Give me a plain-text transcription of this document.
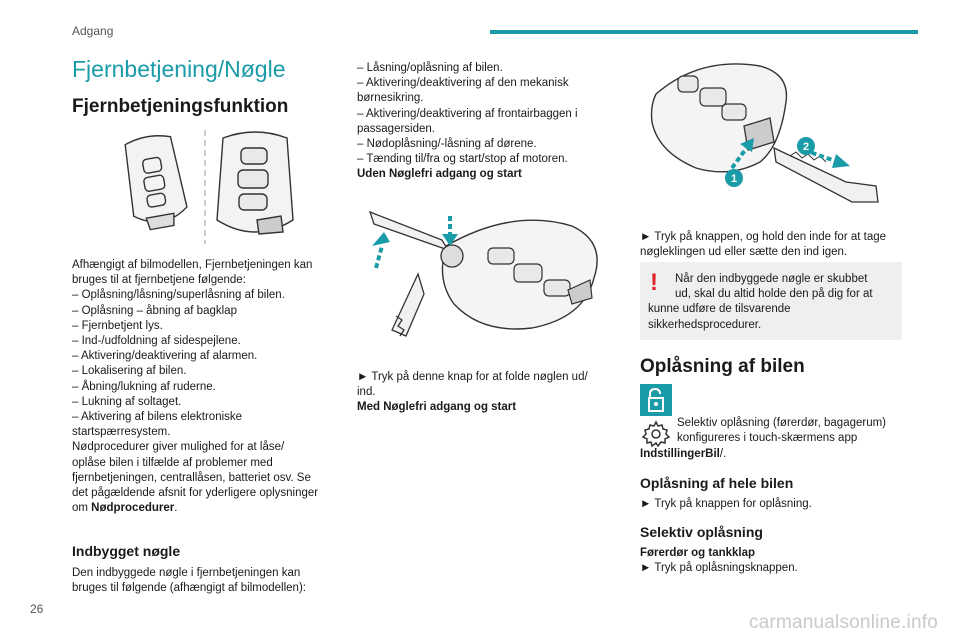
Adgang
Fjernbetjening/Nøgle
Fjernbetjeningsfunktion
Afhængigt af bilmodellen, Fjernbetjeningen kan
bruges til at fjernbetjene følgende:
– Oplåsning/låsning/superlåsning af bilen.
– Oplåsning – åbning af bagklap
– Fjernbetjent lys.
– Ind-/udfoldning af sidespejlene.
– Aktivering/deaktivering af alarmen.
– Lokalisering af bilen.
– Åbning/lukning af ruderne.
– Lukning af soltaget.
– Aktivering af bilens elektroniske
startspærresystem.
Nødprocedurer giver mulighed for at låse/
oplåse bilen i tilfælde af problemer med
fjernbetjeningen, centrallåsen, batteriet osv. Se
det pågældende afsnit for yderligere oplysninger
om Nødprocedurer.
Indbygget nøgle
Den indbyggede nøgle i fjernbetjeningen kan
bruges til følgende (afhængigt af bilmodellen):
– Låsning/oplåsning af bilen.
– Aktivering/deaktivering af den mekanisk
børnesikring.
– Aktivering/deaktivering af frontairbaggen i
passagersiden.
– Nødoplåsning/-låsning af dørene.
– Tænding til/fra og start/stop af motoren.
Uden Nøglefri adgang og start
► Tryk på denne knap for at folde nøglen ud/
ind.
Med Nøglefri adgang og start
2
1
► Tryk på knappen, og hold den inde for at tage
nøgleklingen ud eller sætte den ind igen.
!	Når den indbyggede nøgle er skubbet
ud, skal du altid holde den på dig for at
kunne udføre de tilsvarende
sikkerhedsprocedurer.
Oplåsning af bilen
Selektiv oplåsning (førerdør, bagagerum)
konfigureres i touch-skærmens app
IndstillingerBil/.
Oplåsning af hele bilen
► Tryk på knappen for oplåsning.
Selektiv oplåsning
Førerdør og tankklap
► Tryk på oplåsningsknappen.
26
carmanualsonline.info
